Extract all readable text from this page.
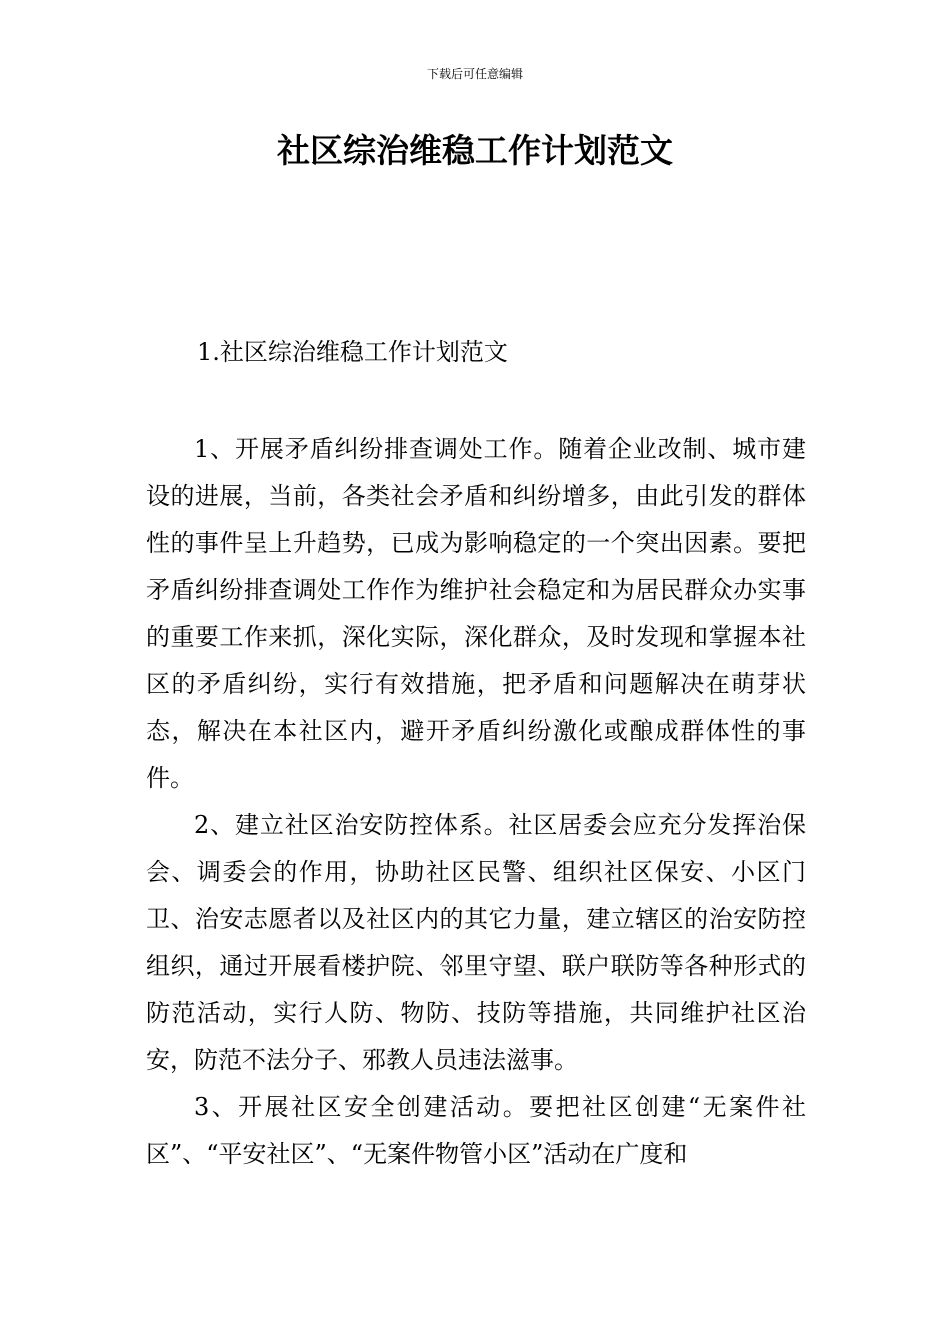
下载后可任意编辑
社区综治维稳工作计划范文

1.社区综治维稳工作计划范文

1、开展矛盾纠纷排查调处工作。随着企业改制、城市建设的进展，当前，各类社会矛盾和纠纷增多，由此引发的群体性的事件呈上升趋势，已成为影响稳定的一个突出因素。要把矛盾纠纷排查调处工作作为维护社会稳定和为居民群众办实事的重要工作来抓，深化实际，深化群众，及时发现和掌握本社区的矛盾纠纷，实行有效措施，把矛盾和问题解决在萌芽状态，解决在本社区内，避开矛盾纠纷激化或酿成群体性的事件。

2、建立社区治安防控体系。社区居委会应充分发挥治保会、调委会的作用，协助社区民警、组织社区保安、小区门卫、治安志愿者以及社区内的其它力量，建立辖区的治安防控组织，通过开展看楼护院、邻里守望、联户联防等各种形式的防范活动，实行人防、物防、技防等措施，共同维护社区治安，防范不法分子、邪教人员违法滋事。

3、开展社区安全创建活动。要把社区创建“无案件社区”、“平安社区”、“无案件物管小区”活动在广度和
